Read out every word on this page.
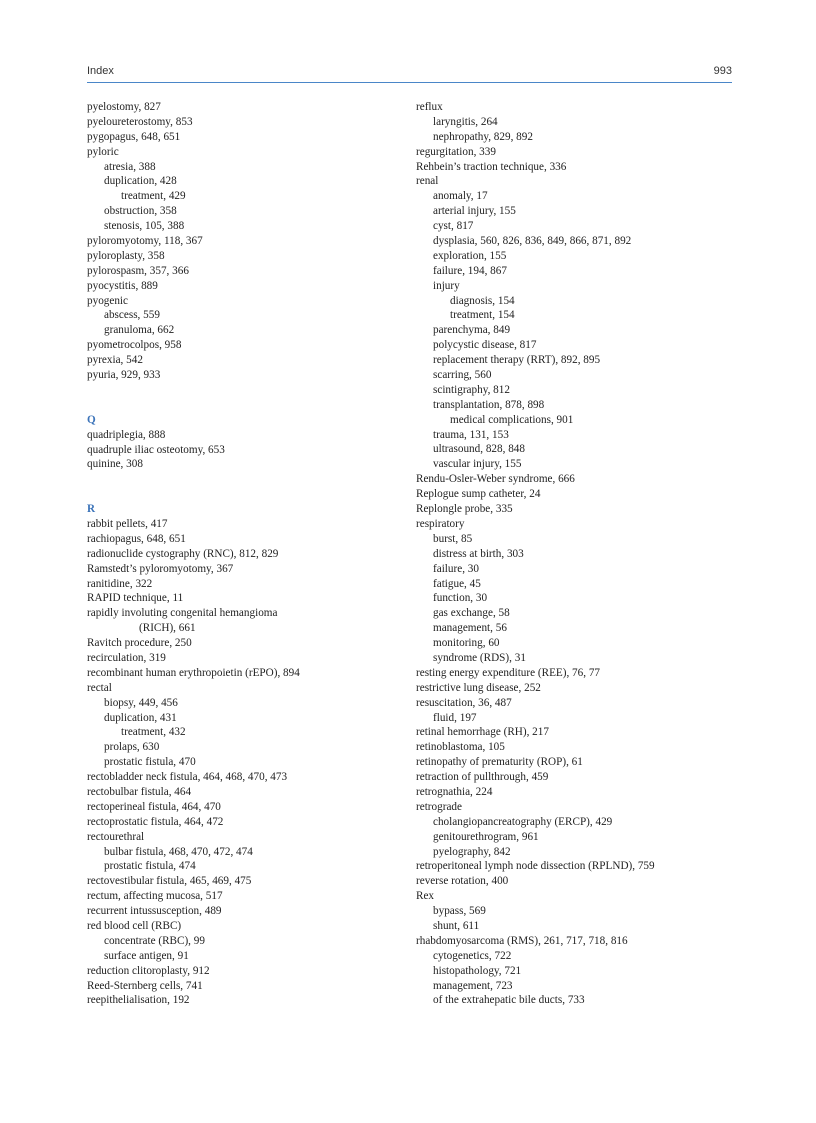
Index	993
pyelostomy, 827
pyeloureterostomy, 853
pygopagus, 648, 651
pyloric
atresia, 388
duplication, 428
treatment, 429
obstruction, 358
stenosis, 105, 388
pyloromyotomy, 118, 367
pyloroplasty, 358
pylorospasm, 357, 366
pyocystitis, 889
pyogenic
abscess, 559
granuloma, 662
pyometrocolpos, 958
pyrexia, 542
pyuria, 929, 933
Q
quadriplegia, 888
quadruple iliac osteotomy, 653
quinine, 308
R
rabbit pellets, 417
rachiopagus, 648, 651
radionuclide cystography (RNC), 812, 829
Ramstedt’s pyloromyotomy, 367
ranitidine, 322
RAPID technique, 11
rapidly involuting congenital hemangioma
(RICH), 661
Ravitch procedure, 250
recirculation, 319
recombinant human erythropoietin (rEPO), 894
rectal
biopsy, 449, 456
duplication, 431
treatment, 432
prolaps, 630
prostatic fistula, 470
rectobladder neck fistula, 464, 468, 470, 473
rectobulbar fistula, 464
rectoperineal fistula, 464, 470
rectoprostatic fistula, 464, 472
rectourethral
bulbar fistula, 468, 470, 472, 474
prostatic fistula, 474
rectovestibular fistula, 465, 469, 475
rectum, affecting mucosa, 517
recurrent intussusception, 489
red blood cell (RBC)
concentrate (RBC), 99
surface antigen, 91
reduction clitoroplasty, 912
Reed-Sternberg cells, 741
reepithelialisation, 192
reflux
laryngitis, 264
nephropathy, 829, 892
regurgitation, 339
Rehbein’s traction technique, 336
renal
anomaly, 17
arterial injury, 155
cyst, 817
dysplasia, 560, 826, 836, 849, 866, 871, 892
exploration, 155
failure, 194, 867
injury
diagnosis, 154
treatment, 154
parenchyma, 849
polycystic disease, 817
replacement therapy (RRT), 892, 895
scarring, 560
scintigraphy, 812
transplantation, 878, 898
medical complications, 901
trauma, 131, 153
ultrasound, 828, 848
vascular injury, 155
Rendu-Osler-Weber syndrome, 666
Replogue sump catheter, 24
Replongle probe, 335
respiratory
burst, 85
distress at birth, 303
failure, 30
fatigue, 45
function, 30
gas exchange, 58
management, 56
monitoring, 60
syndrome (RDS), 31
resting energy expenditure (REE), 76, 77
restrictive lung disease, 252
resuscitation, 36, 487
fluid, 197
retinal hemorrhage (RH), 217
retinoblastoma, 105
retinopathy of prematurity (ROP), 61
retraction of pullthrough, 459
retrognathia, 224
retrograde
cholangiopancreatography (ERCP), 429
genitourethrogram, 961
pyelography, 842
retroperitoneal lymph node dissection (RPLND), 759
reverse rotation, 400
Rex
bypass, 569
shunt, 611
rhabdomyosarcoma (RMS), 261, 717, 718, 816
cytogenetics, 722
histopathology, 721
management, 723
of the extrahepatic bile ducts, 733
